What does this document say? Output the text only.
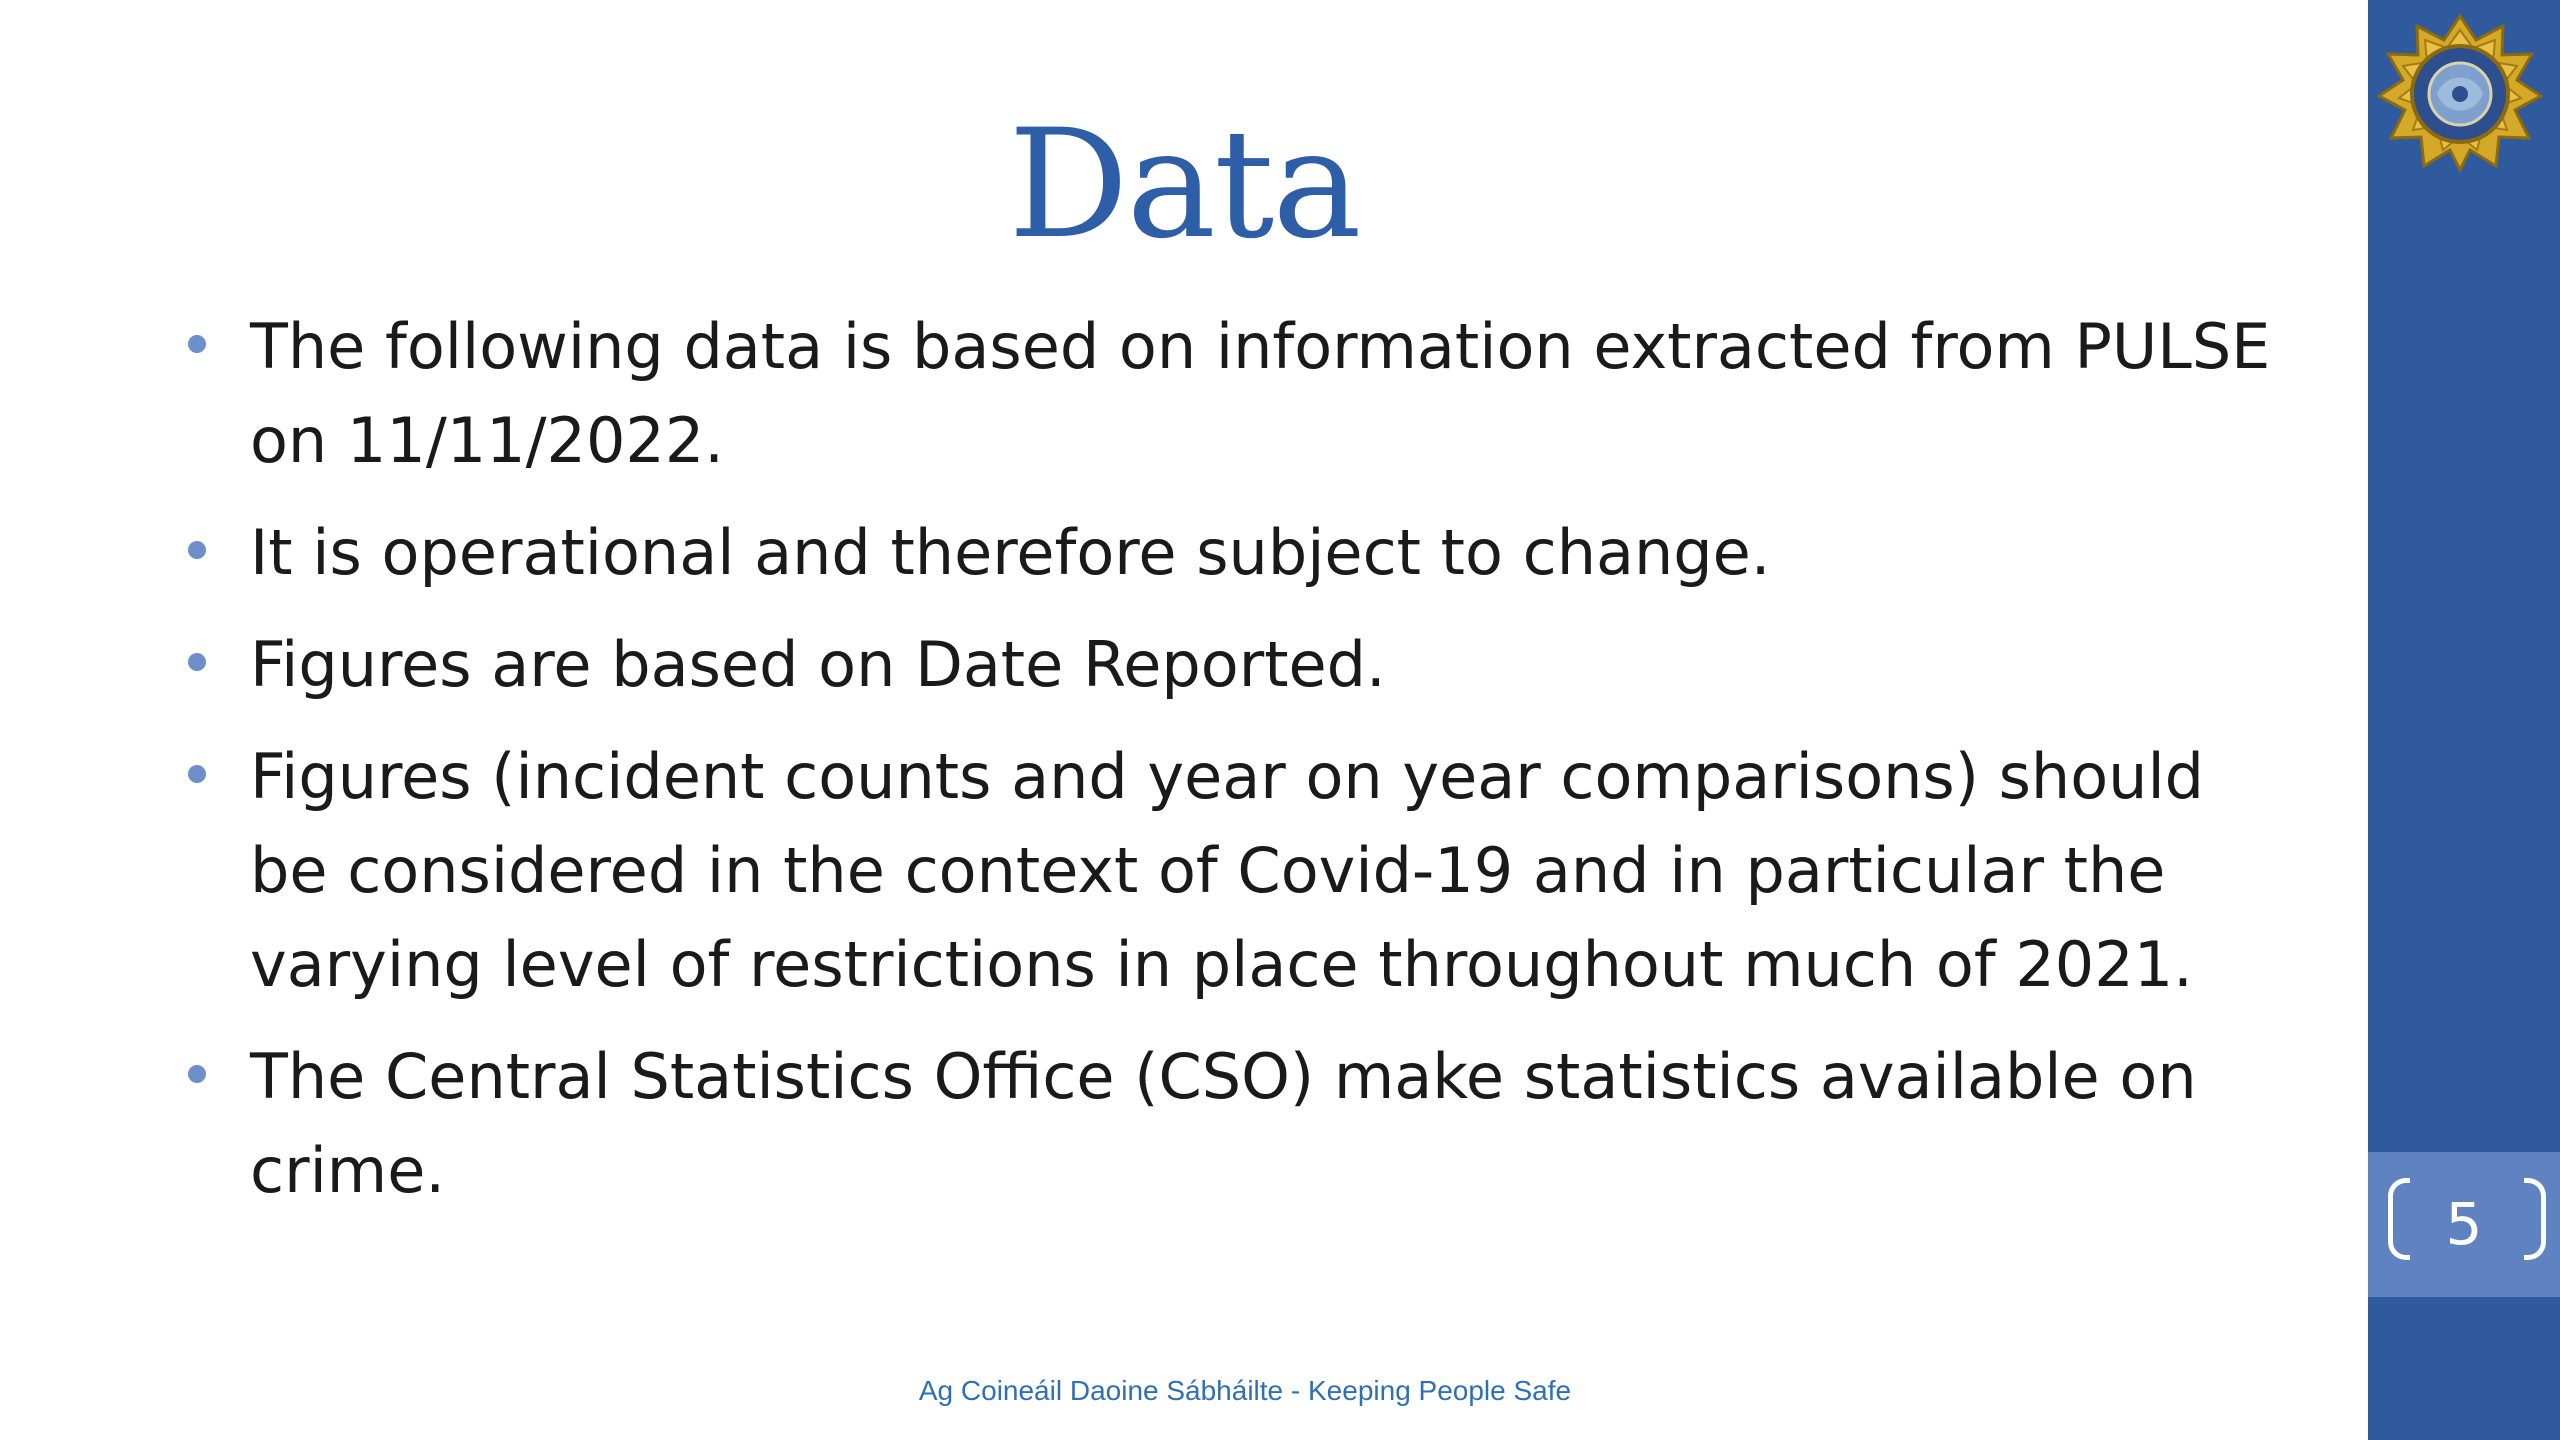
Data
The following data is based on information extracted from PULSE on 11/11/2022.
It is operational and therefore subject to change.
Figures are based on Date Reported.
Figures (incident counts and year on year comparisons) should be considered in the context of Covid-19 and in particular the varying level of restrictions in place throughout much of 2021.
The Central Statistics Office (CSO) make statistics available on crime.
5
Ag Coineáil Daoine Sábháilte - Keeping People Safe
